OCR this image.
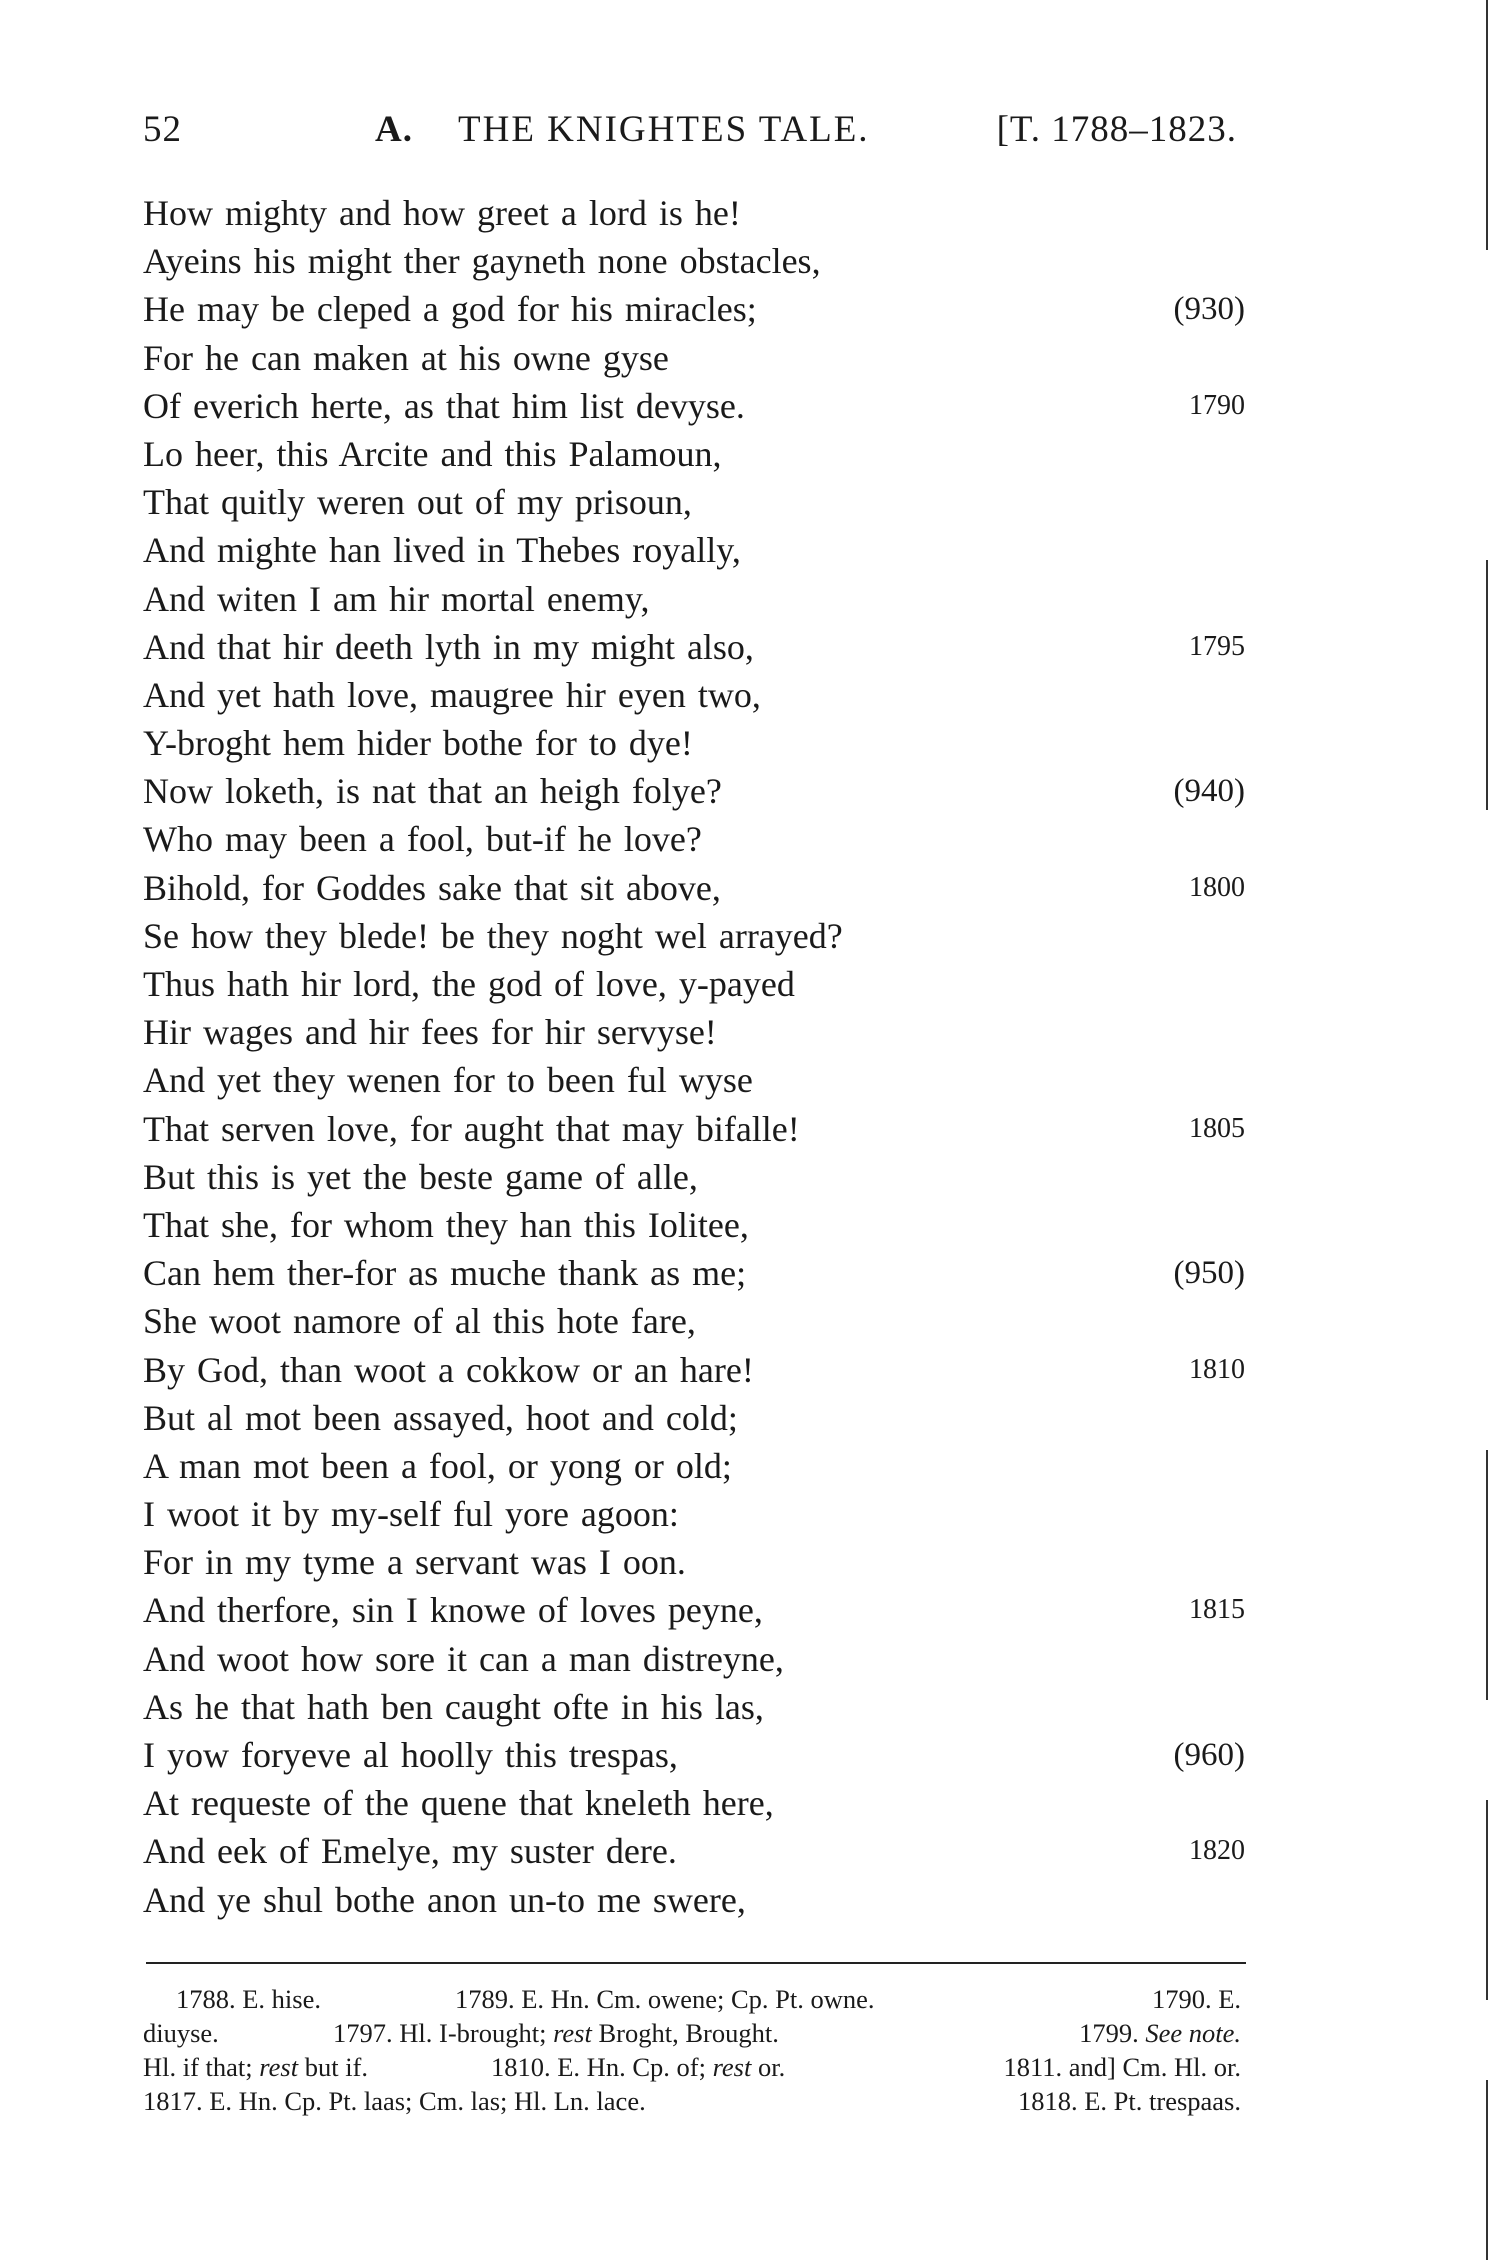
52	A. THE KNIGHTES TALE.	[T. 1788–1823.
How mighty and how greet a lord is he!
Ayeins his might ther gayneth none obstacles,
He may be cleped a god for his miracles;	(930)
For he can maken at his owne gyse
Of everich herte, as that him list devyse.	1790
Lo heer, this Arcite and this Palamoun,
That quitly weren out of my prisoun,
And mighte han lived in Thebes royally,
And witen I am hir mortal enemy,
And that hir deeth lyth in my might also,	1795
And yet hath love, maugree hir eyen two,
Y-broght hem hider bothe for to dye!
Now loketh, is nat that an heigh folye?	(940)
Who may been a fool, but-if he love?
Bihold, for Goddes sake that sit above,	1800
Se how they blede! be they noght wel arrayed?
Thus hath hir lord, the god of love, y-payed
Hir wages and hir fees for hir servyse!
And yet they wenen for to been ful wyse
That serven love, for aught that may bifalle!	1805
But this is yet the beste game of alle,
That she, for whom they han this Iolitee,
Can hem ther-for as muche thank as me;	(950)
She woot namore of al this hote fare,
By God, than woot a cokkow or an hare!	1810
But al mot been assayed, hoot and cold;
A man mot been a fool, or yong or old;
I woot it by my-self ful yore agoon:
For in my tyme a servant was I oon.
And therfore, sin I knowe of loves peyne,	1815
And woot how sore it can a man distreyne,
As he that hath ben caught ofte in his las,
I yow foryeve al hoolly this trespas,	(960)
At requeste of the quene that kneleth here,
And eek of Emelye, my suster dere.	1820
And ye shul bothe anon un-to me swere,
1788. E. hise.	1789. E. Hn. Cm. owene; Cp. Pt. owne.	1790. E.
diuyse.	1797. Hl. I-brought; rest Broght, Brought.	1799. See note.
Hl. if that; rest but if.	1810. E. Hn. Cp. of; rest or.	1811. and] Cm. Hl. or.
1817. E. Hn. Cp. Pt. laas; Cm. las; Hl. Ln. lace.	1818. E. Pt. trespaas.
